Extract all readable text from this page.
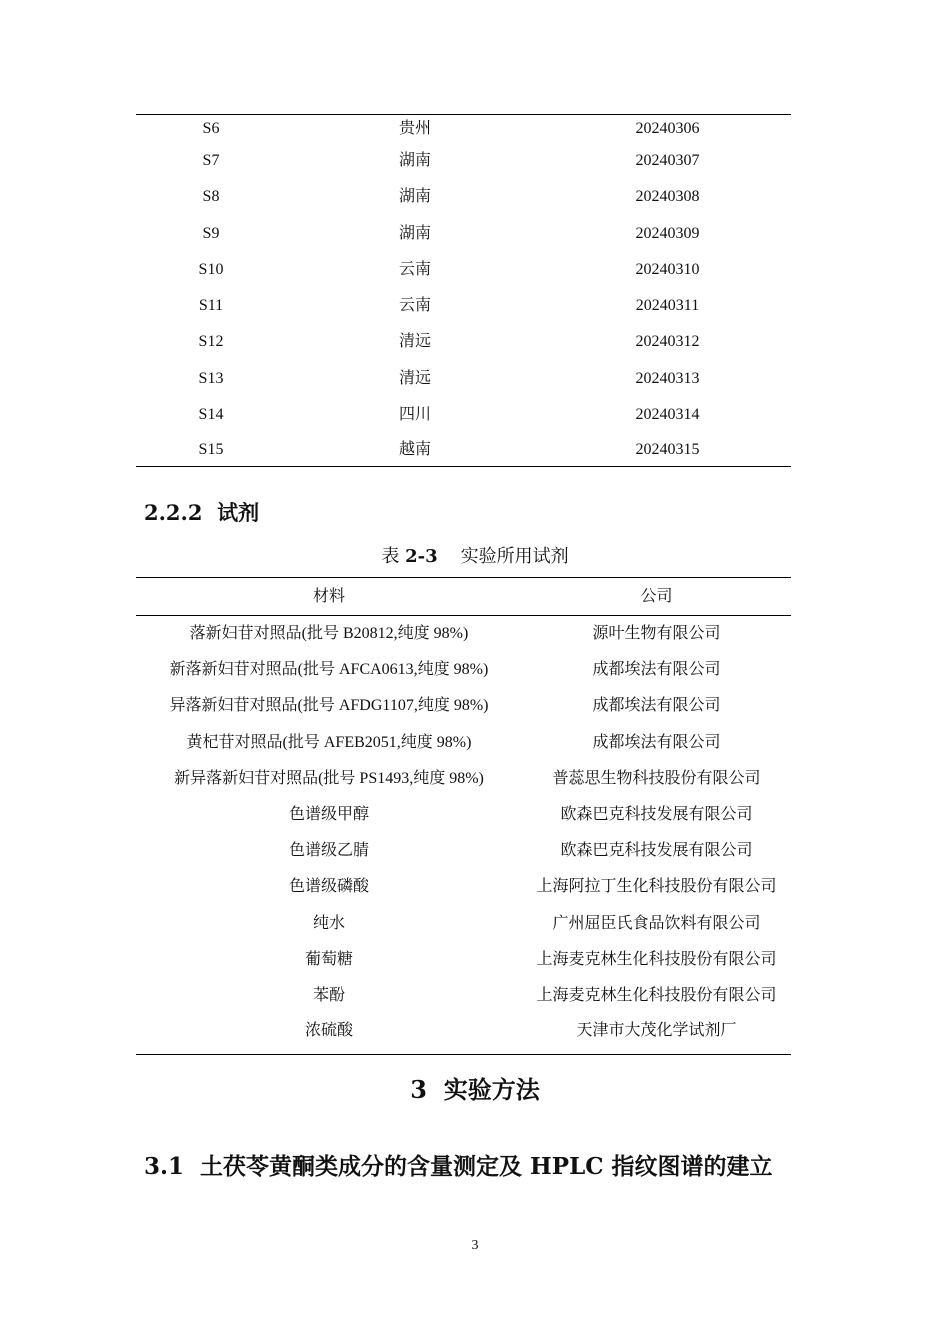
S6	贵州	20240306
S7	湖南	20240307
S8	湖南	20240308
S9	湖南	20240309
S10	云南	20240310
S11	云南	20240311
S12	清远	20240312
S13	清远	20240313
S14	四川	20240314
S15	越南	20240315
2.2.2 试剂
表 2-3 实验所用试剂
材料	公司
落新妇苷对照品(批号 B20812,纯度 98%)	源叶生物有限公司
新落新妇苷对照品(批号 AFCA0613,纯度 98%)	成都埃法有限公司
异落新妇苷对照品(批号 AFDG1107,纯度 98%)	成都埃法有限公司
黄杞苷对照品(批号 AFEB2051,纯度 98%)	成都埃法有限公司
新异落新妇苷对照品(批号 PS1493,纯度 98%)	普蕊思生物科技股份有限公司
色谱级甲醇	欧森巴克科技发展有限公司
色谱级乙腈	欧森巴克科技发展有限公司
色谱级磷酸	上海阿拉丁生化科技股份有限公司
纯水	广州屈臣氏食品饮料有限公司
葡萄糖	上海麦克林生化科技股份有限公司
苯酚	上海麦克林生化科技股份有限公司
浓硫酸	天津市大茂化学试剂厂
3 实验方法
3.1 土茯苓黄酮类成分的含量测定及 HPLC 指纹图谱的建立
3
